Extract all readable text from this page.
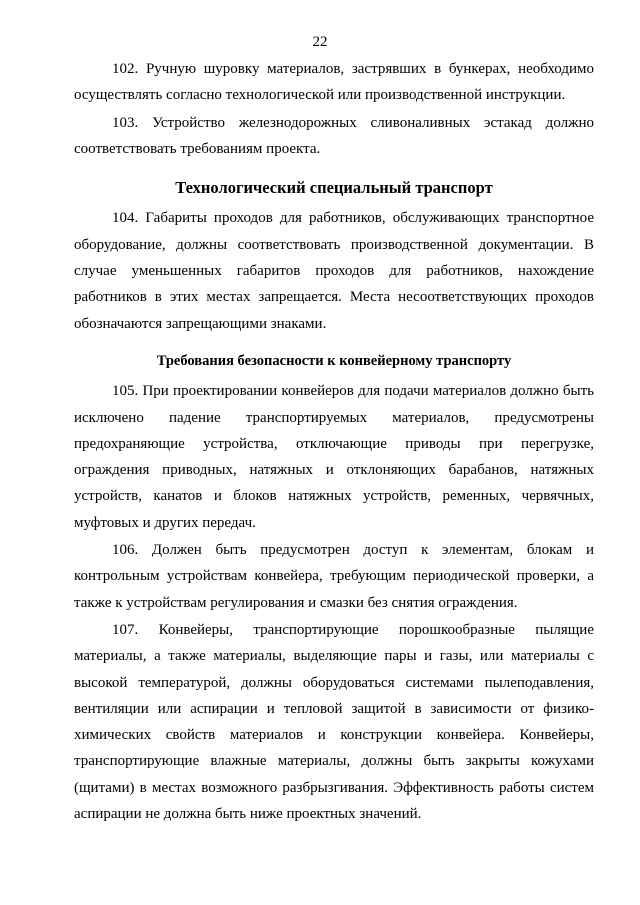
22

102. Ручную шуровку материалов, застрявших в бункерах, необходимо осуществлять согласно технологической или производственной инструкции.

103. Устройство железнодорожных сливоналивных эстакад должно соответствовать требованиям проекта.

Технологический специальный транспорт

104. Габариты проходов для работников, обслуживающих транспортное оборудование, должны соответствовать производственной документации. В случае уменьшенных габаритов проходов для работников, нахождение работников в этих местах запрещается. Места несоответствующих проходов обозначаются запрещающими знаками.

Требования безопасности к конвейерному транспорту

105. При проектировании конвейеров для подачи материалов должно быть исключено падение транспортируемых материалов, предусмотрены предохраняющие устройства, отключающие приводы при перегрузке, ограждения приводных, натяжных и отклоняющих барабанов, натяжных устройств, канатов и блоков натяжных устройств, ременных, червячных, муфтовых и других передач.

106. Должен быть предусмотрен доступ к элементам, блокам и контрольным устройствам конвейера, требующим периодической проверки, а также к устройствам регулирования и смазки без снятия ограждения.

107. Конвейеры, транспортирующие порошкообразные пылящие материалы, а также материалы, выделяющие пары и газы, или материалы с высокой температурой, должны оборудоваться системами пылеподавления, вентиляции или аспирации и тепловой защитой в зависимости от физико-химических свойств материалов и конструкции конвейера. Конвейеры, транспортирующие влажные материалы, должны быть закрыты кожухами (щитами) в местах возможного разбрызгивания. Эффективность работы систем аспирации не должна быть ниже проектных значений.
